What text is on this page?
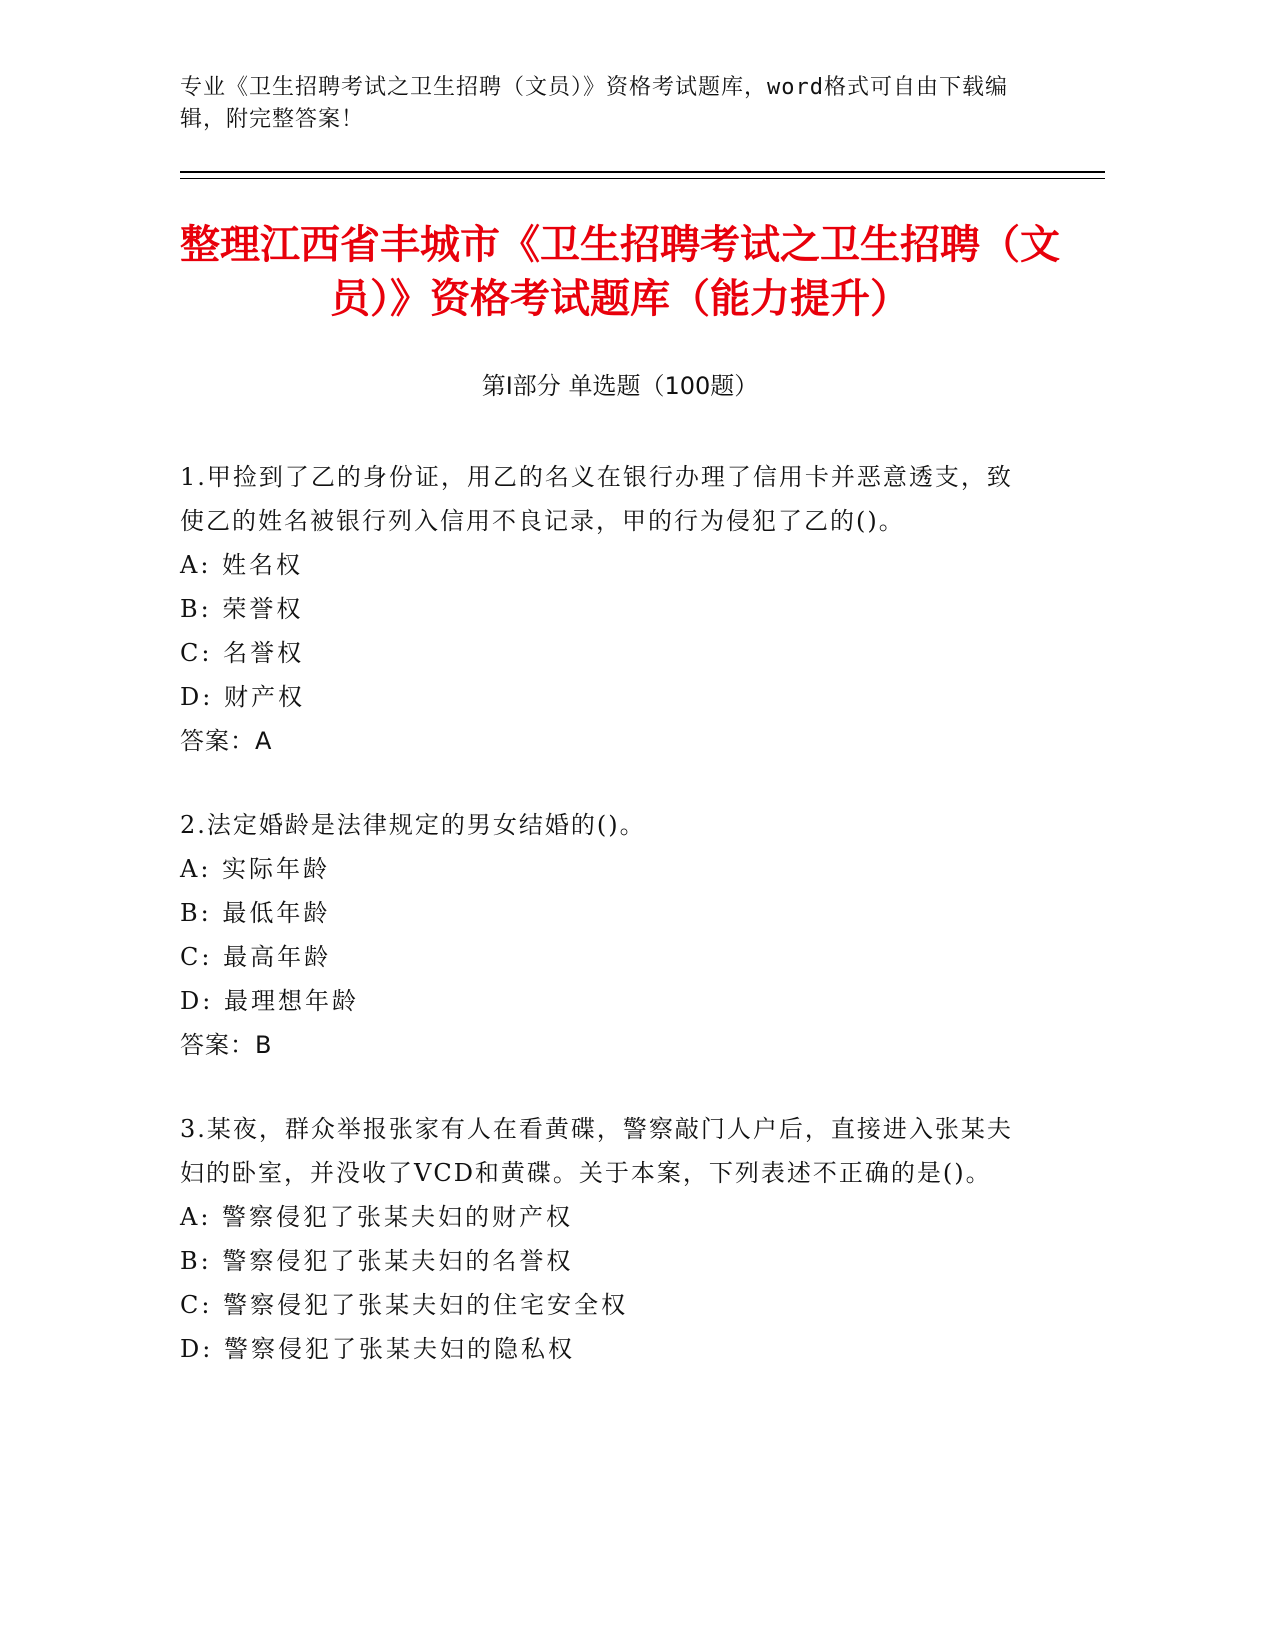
专业《卫生招聘考试之卫生招聘（文员）》资格考试题库，word格式可自由下载编辑，附完整答案！
整理江西省丰城市《卫生招聘考试之卫生招聘（文员）》资格考试题库（能力提升）
第Ⅰ部分 单选题（100题）
1.甲捡到了乙的身份证，用乙的名义在银行办理了信用卡并恶意透支，致使乙的姓名被银行列入信用不良记录，甲的行为侵犯了乙的()。
A: 姓名权
B: 荣誉权
C: 名誉权
D: 财产权
答案：A
2.法定婚龄是法律规定的男女结婚的()。
A: 实际年龄
B: 最低年龄
C: 最高年龄
D: 最理想年龄
答案：B
3.某夜，群众举报张家有人在看黄碟，警察敲门人户后，直接进入张某夫妇的卧室，并没收了VCD和黄碟。关于本案，下列表述不正确的是()。
A: 警察侵犯了张某夫妇的财产权
B: 警察侵犯了张某夫妇的名誉权
C: 警察侵犯了张某夫妇的住宅安全权
D: 警察侵犯了张某夫妇的隐私权
